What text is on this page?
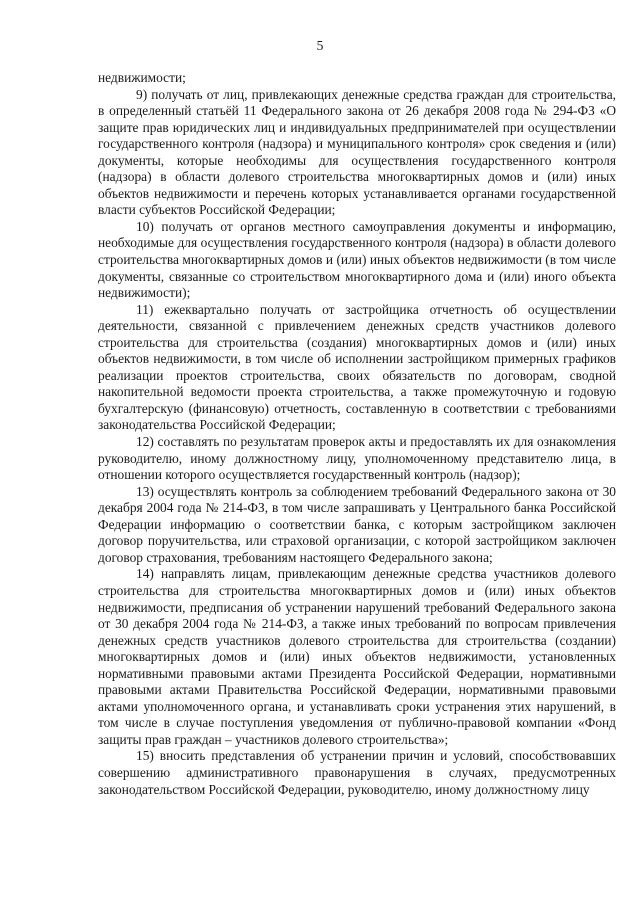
5

недвижимости;

9) получать от лиц, привлекающих денежные средства граждан для строительства, в определенный статьёй 11 Федерального закона от 26 декабря 2008 года № 294-ФЗ «О защите прав юридических лиц и индивидуальных предпринимателей при осуществлении государственного контроля (надзора) и муниципального контроля» срок сведения и (или) документы, которые необходимы для осуществления государственного контроля (надзора) в области долевого строительства многоквартирных домов и (или) иных объектов недвижимости и перечень которых устанавливается органами государственной власти субъектов Российской Федерации;

10) получать от органов местного самоуправления документы и информацию, необходимые для осуществления государственного контроля (надзора) в области долевого строительства многоквартирных домов и (или) иных объектов недвижимости (в том числе документы, связанные со строительством многоквартирного дома и (или) иного объекта недвижимости);

11) ежеквартально получать от застройщика отчетность об осуществлении деятельности, связанной с привлечением денежных средств участников долевого строительства для строительства (создания) многоквартирных домов и (или) иных объектов недвижимости, в том числе об исполнении застройщиком примерных графиков реализации проектов строительства, своих обязательств по договорам, сводной накопительной ведомости проекта строительства, а также промежуточную и годовую бухгалтерскую (финансовую) отчетность, составленную в соответствии с требованиями законодательства Российской Федерации;

12) составлять по результатам проверок акты и предоставлять их для ознакомления руководителю, иному должностному лицу, уполномоченному представителю лица, в отношении которого осуществляется государственный контроль (надзор);

13) осуществлять контроль за соблюдением требований Федерального закона от 30 декабря 2004 года № 214-ФЗ, в том числе запрашивать у Центрального банка Российской Федерации информацию о соответствии банка, с которым застройщиком заключен договор поручительства, или страховой организации, с которой застройщиком заключен договор страхования, требованиям настоящего Федерального закона;

14) направлять лицам, привлекающим денежные средства участников долевого строительства для строительства многоквартирных домов и (или) иных объектов недвижимости, предписания об устранении нарушений требований Федерального закона от 30 декабря 2004 года № 214-ФЗ, а также иных требований по вопросам привлечения денежных средств участников долевого строительства для строительства (создании) многоквартирных домов и (или) иных объектов недвижимости, установленных нормативными правовыми актами Президента Российской Федерации, нормативными правовыми актами Правительства Российской Федерации, нормативными правовыми актами уполномоченного органа, и устанавливать сроки устранения этих нарушений, в том числе в случае поступления уведомления от публично-правовой компании «Фонд защиты прав граждан – участников долевого строительства»;

15) вносить представления об устранении причин и условий, способствовавших совершению административного правонарушения в случаях, предусмотренных законодательством Российской Федерации, руководителю, иному должностному лицу
